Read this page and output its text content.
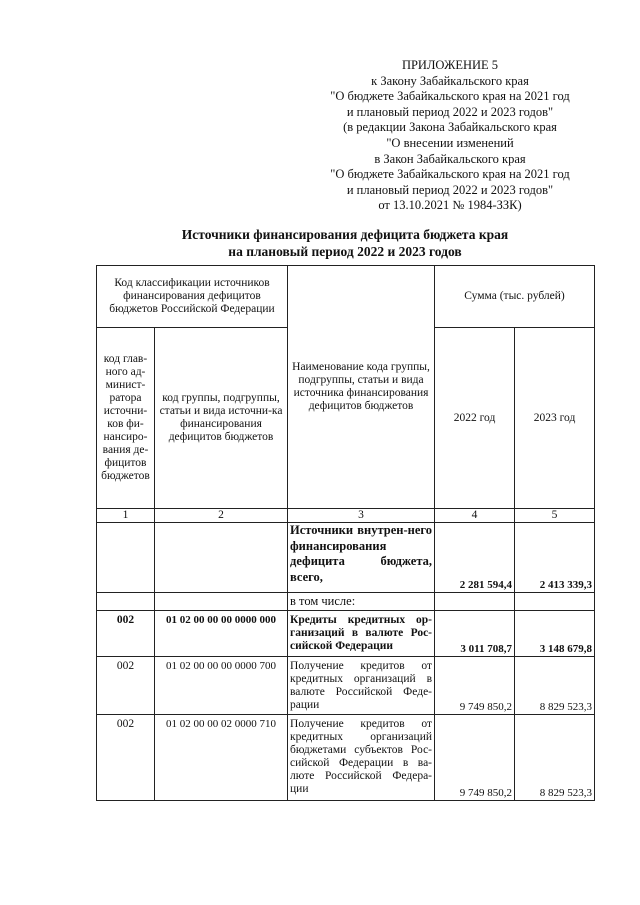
ПРИЛОЖЕНИЕ 5
к Закону Забайкальского края
"О бюджете Забайкальского края на 2021 год
и плановый период 2022 и 2023 годов"
(в редакции Закона Забайкальского края
"О внесении изменений
в Закон Забайкальского края
"О бюджете Забайкальского края на 2021 год
и плановый период 2022 и 2023 годов"
от 13.10.2021 № 1984-ЗЗК)
Источники финансирования дефицита бюджета края
на плановый период 2022 и 2023 годов
Код классификации источников финансирования дефицитов бюджетов Российской Федерации		Наименование кода группы, подгруппы, статьи и вида источника финансирования дефицитов бюджетов	Сумма (тыс. рублей)	
код глав-ного ад-минист-ратора источни-ков фи-нансиро-вания де-фицитов бюджетов	код группы, подгруппы, статьи и вида источни-ка финансирования дефицитов бюджетов		2022 год	2023 год
1	2	3	4	5
		Источники внутрен-него финансирования дефицита бюджета, всего,	2 281 594,4	2 413 339,3
		в том числе:		
002	01 02 00 00 00 0000 000	Кредиты кредитных ор-ганизаций в валюте Рос-сийской Федерации	3 011 708,7	3 148 679,8
002	01 02 00 00 00 0000 700	Получение кредитов от кредитных организаций в валюте Российской Феде-рации	9 749 850,2	8 829 523,3
002	01 02 00 00 02 0000 710	Получение кредитов от кредитных организаций бюджетами субъектов Рос-сийской Федерации в ва-люте Российской Федера-ции	9 749 850,2	8 829 523,3
